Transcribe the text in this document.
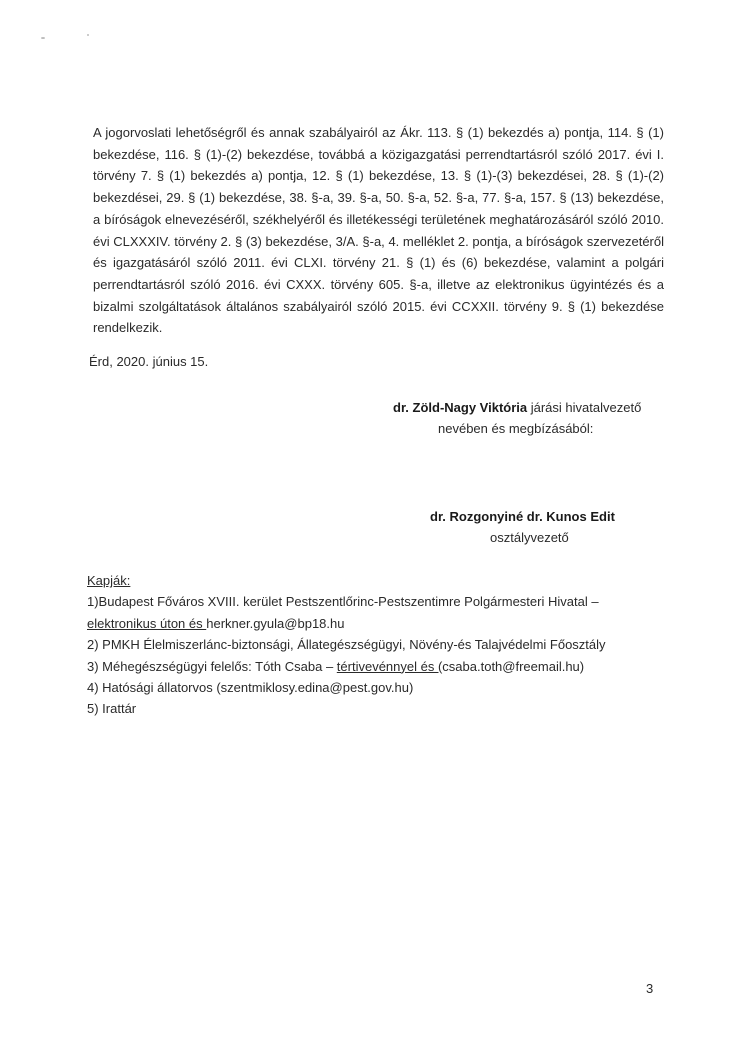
A jogorvoslati lehetőségről és annak szabályairól az Ákr. 113. § (1) bekezdés a) pontja, 114. § (1) bekezdése, 116. § (1)-(2) bekezdése, továbbá a közigazgatási perrendtartásról szóló 2017. évi I. törvény 7. § (1) bekezdés a) pontja, 12. § (1) bekezdése, 13. § (1)-(3) bekezdései, 28. § (1)-(2) bekezdései, 29. § (1) bekezdése, 38. §-a, 39. §-a, 50. §-a, 52. §-a, 77. §-a, 157. § (13) bekezdése, a bíróságok elnevezéséről, székhelyéről és illetékességi területének meghatározásáról szóló 2010. évi CLXXXIV. törvény 2. § (3) bekezdése, 3/A. §-a, 4. melléklet 2. pontja, a bíróságok szervezetéről és igazgatásáról szóló 2011. évi CLXI. törvény 21. § (1) és (6) bekezdése, valamint a polgári perrendtartásról szóló 2016. évi CXXX. törvény 605. §-a, illetve az elektronikus ügyintézés és a bizalmi szolgáltatások általános szabályairól szóló 2015. évi CCXXII. törvény 9. § (1) bekezdése rendelkezik.

Érd, 2020. június 15.
dr. Zöld-Nagy Viktória járási hivatalvezető
nevében és megbízásából:
dr. Rozgonyiné dr. Kunos Edit
osztályvezető
Kapják:
1)Budapest Főváros XVIII. kerület Pestszentlőrinc-Pestszentimre Polgármesteri Hivatal – elektronikus úton és herkner.gyula@bp18.hu
2) PMKH Élelmiszerlánc-biztonsági, Állategészségügyi, Növény-és Talajvédelmi Főosztály
3) Méhegészségügyi felelős: Tóth Csaba – tértivevénnyel és (csaba.toth@freemail.hu)
4) Hatósági állatorvos (szentmiklosy.edina@pest.gov.hu)
5) Irattár
3
